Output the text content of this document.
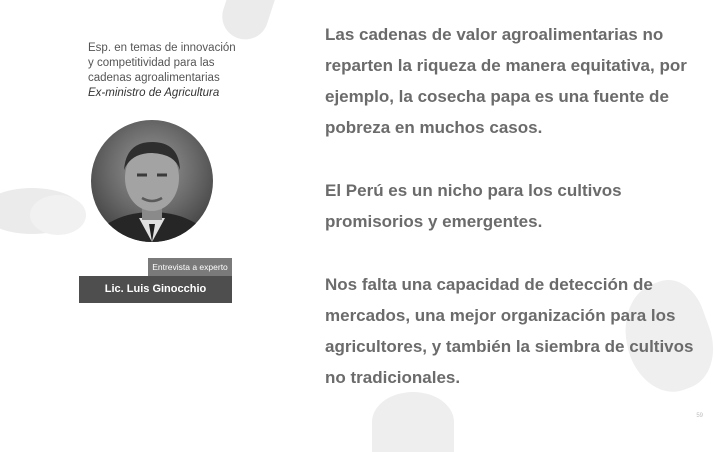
Esp. en temas de innovación
y competitividad para las
cadenas agroalimentarias
Ex-ministro de Agricultura

Entrevista a experto
Lic. Luis Ginocchio

Las cadenas de valor agroalimentarias no reparten la riqueza de manera equitativa, por ejemplo, la cosecha papa es una fuente de pobreza en muchos casos.

El Perú es un nicho para los cultivos promisorios y emergentes.

Nos falta una capacidad de detección de mercados, una mejor organización para los agricultores, y también la siembra de cultivos no tradicionales.

59
